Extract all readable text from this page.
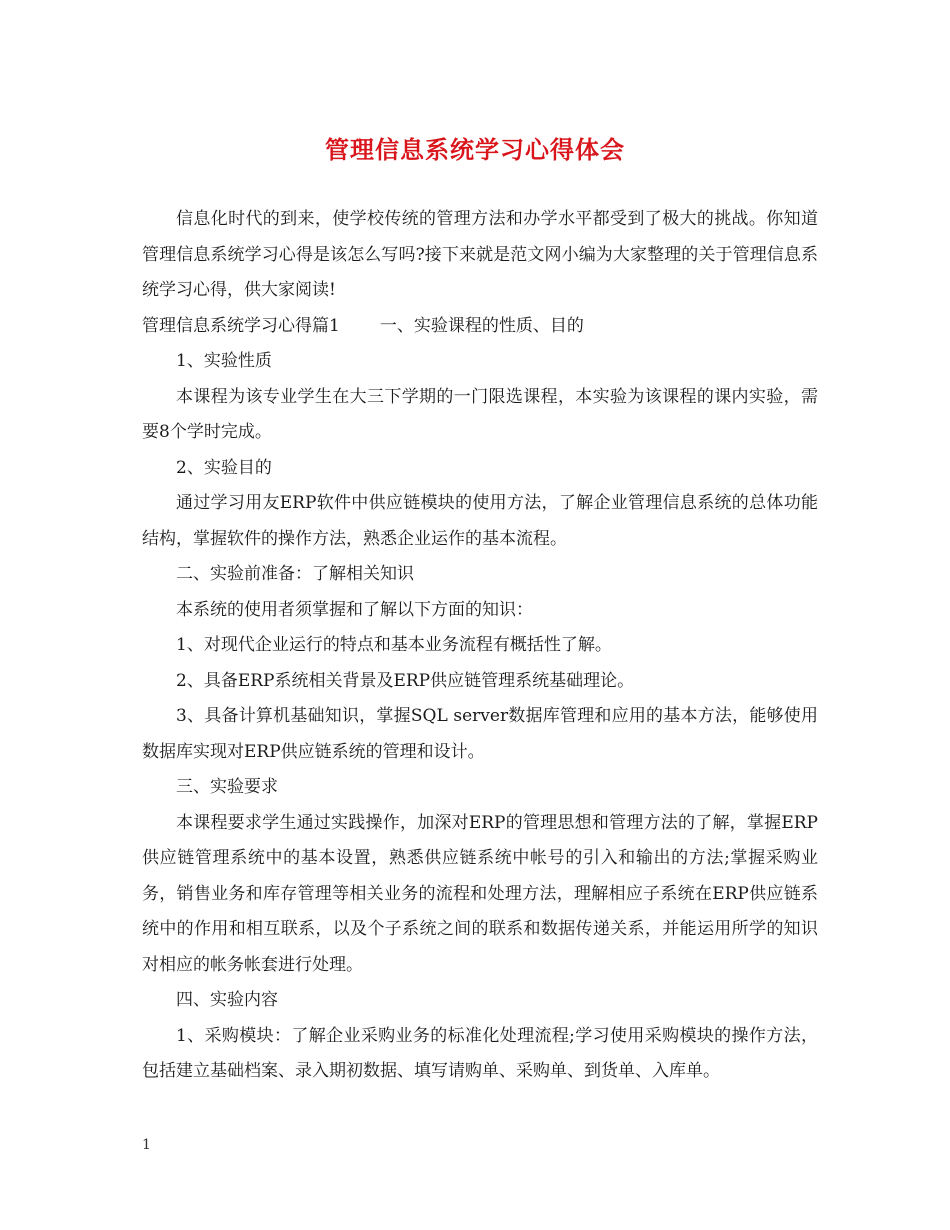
管理信息系统学习心得体会

信息化时代的到来，使学校传统的管理方法和办学水平都受到了极大的挑战。你知道管理信息系统学习心得是该怎么写吗?接下来就是范文网小编为大家整理的关于管理信息系统学习心得，供大家阅读!

管理信息系统学习心得篇1 一、实验课程的性质、目的

1、实验性质

本课程为该专业学生在大三下学期的一门限选课程，本实验为该课程的课内实验，需要8个学时完成。

2、实验目的

通过学习用友ERP软件中供应链模块的使用方法，了解企业管理信息系统的总体功能结构，掌握软件的操作方法，熟悉企业运作的基本流程。

二、实验前准备：了解相关知识

本系统的使用者须掌握和了解以下方面的知识：

1、对现代企业运行的特点和基本业务流程有概括性了解。

2、具备ERP系统相关背景及ERP供应链管理系统基础理论。

3、具备计算机基础知识，掌握SQL server数据库管理和应用的基本方法，能够使用数据库实现对ERP供应链系统的管理和设计。

三、实验要求

本课程要求学生通过实践操作，加深对ERP的管理思想和管理方法的了解，掌握ERP供应链管理系统中的基本设置，熟悉供应链系统中帐号的引入和输出的方法;掌握采购业务，销售业务和库存管理等相关业务的流程和处理方法，理解相应子系统在ERP供应链系统中的作用和相互联系，以及个子系统之间的联系和数据传递关系，并能运用所学的知识对相应的帐务帐套进行处理。

四、实验内容

1、采购模块：了解企业采购业务的标准化处理流程;学习使用采购模块的操作方法，包括建立基础档案、录入期初数据、填写请购单、采购单、到货单、入库单。

1
